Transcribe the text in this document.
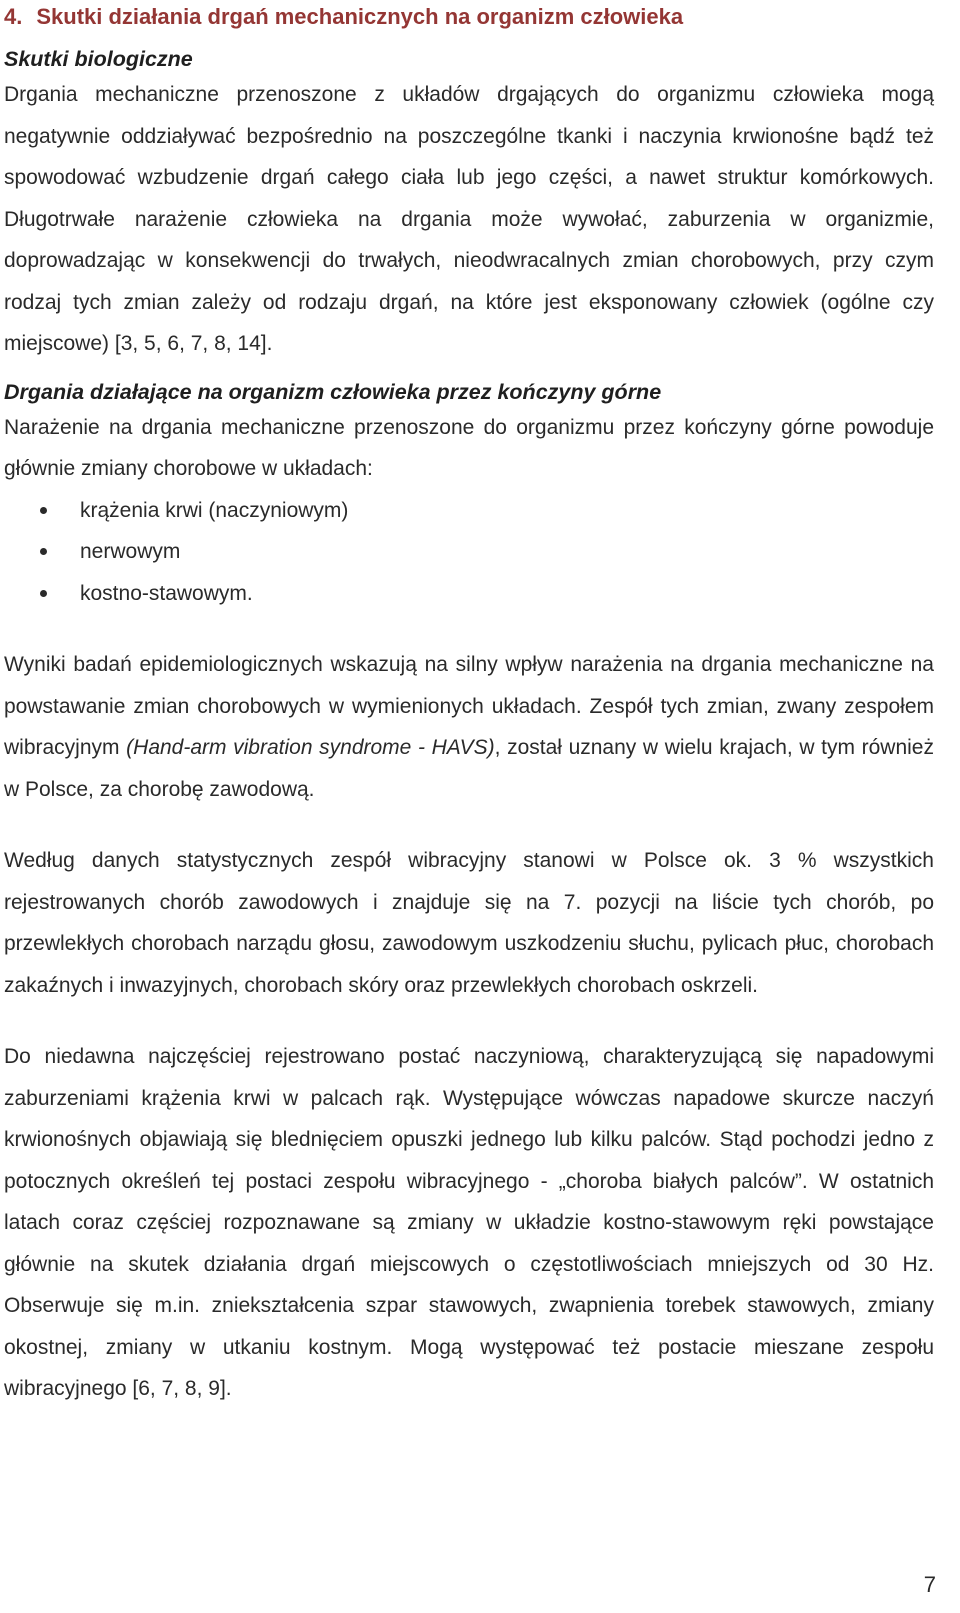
4. Skutki działania drgań mechanicznych na organizm człowieka
Skutki biologiczne

Drgania mechaniczne przenoszone z układów drgających do organizmu człowieka mogą negatywnie oddziaływać bezpośrednio na poszczególne tkanki i naczynia krwionośne bądź też spowodować wzbudzenie drgań całego ciała lub jego części, a nawet struktur komórkowych. Długotrwałe narażenie człowieka na drgania może wywołać, zaburzenia w organizmie, doprowadzając w konsekwencji do trwałych, nieodwracalnych zmian chorobowych, przy czym rodzaj tych zmian zależy od rodzaju drgań, na które jest eksponowany człowiek (ogólne czy miejscowe) [3, 5, 6, 7, 8, 14].

Drgania działające na organizm człowieka przez kończyny górne

Narażenie na drgania mechaniczne przenoszone do organizmu przez kończyny górne powoduje głównie zmiany chorobowe w układach:

krążenia krwi (naczyniowym)
nerwowym
kostno-stawowym.

Wyniki badań epidemiologicznych wskazują na silny wpływ narażenia na drgania mechaniczne na powstawanie zmian chorobowych w wymienionych układach. Zespół tych zmian, zwany zespołem wibracyjnym (Hand-arm vibration syndrome - HAVS), został uznany w wielu krajach, w tym również w Polsce, za chorobę zawodową.

Według danych statystycznych zespół wibracyjny stanowi w Polsce ok. 3 % wszystkich rejestrowanych chorób zawodowych i znajduje się na 7. pozycji na liście tych chorób, po przewlekłych chorobach narządu głosu, zawodowym uszkodzeniu słuchu, pylicach płuc, chorobach zakaźnych i inwazyjnych, chorobach skóry oraz przewlekłych chorobach oskrzeli.

Do niedawna najczęściej rejestrowano postać naczyniową, charakteryzującą się napadowymi zaburzeniami krążenia krwi w palcach rąk. Występujące wówczas napadowe skurcze naczyń krwionośnych objawiają się blednięciem opuszki jednego lub kilku palców. Stąd pochodzi jedno z potocznych określeń tej postaci zespołu wibracyjnego - „choroba białych palców”. W ostatnich latach coraz częściej rozpoznawane są zmiany w układzie kostno-stawowym ręki powstające głównie na skutek działania drgań miejscowych o częstotliwościach mniejszych od 30 Hz. Obserwuje się m.in. zniekształcenia szpar stawowych, zwapnienia torebek stawowych, zmiany okostnej, zmiany w utkaniu kostnym. Mogą występować też postacie mieszane zespołu wibracyjnego [6, 7, 8, 9].

7
